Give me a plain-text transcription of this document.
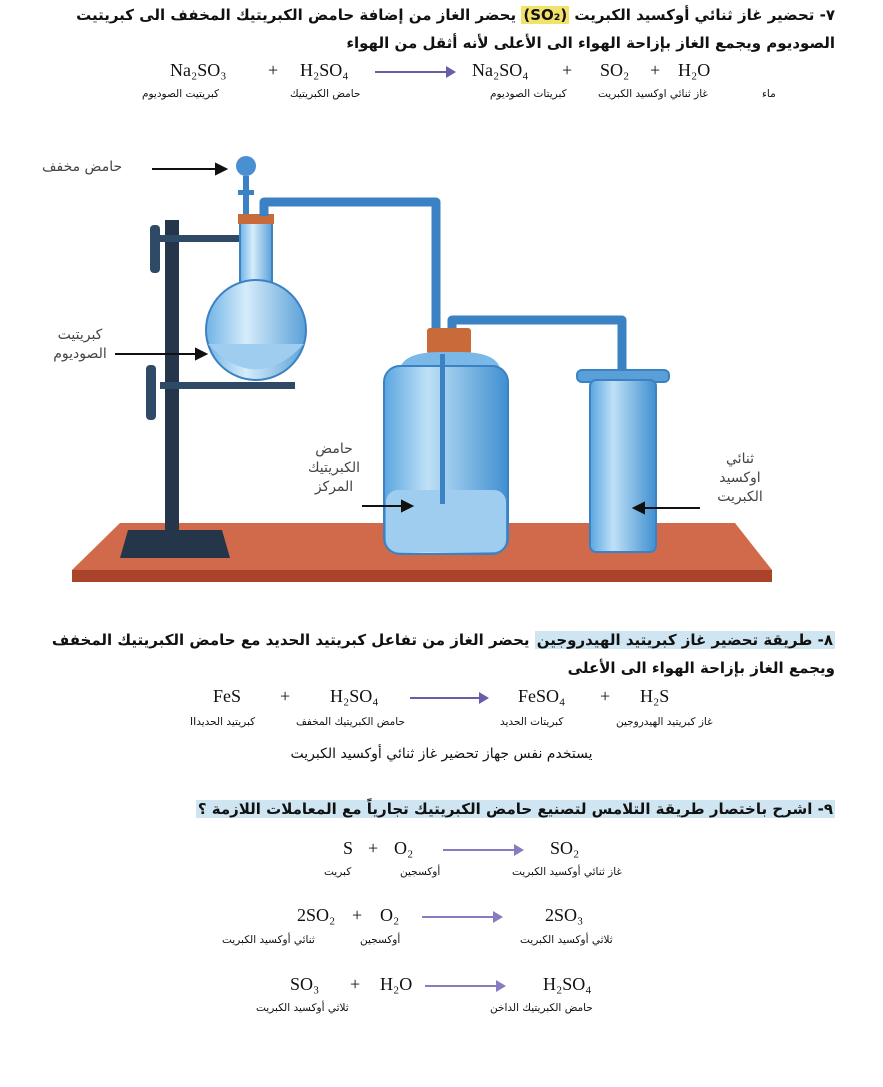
٧- تحضير غاز ثنائي أوكسيد الكبريت (SO₂) يحضر الغاز من إضافة حامض الكبريتيك المخفف الى كبريتيت
الصوديوم ويجمع الغاز بإزاحة الهواء الى الأعلى لأنه أثقل من الهواء
Na₂SO₃ + H₂SO₄	Na₂SO₄ + SO₂ + H₂O
كبريتيت الصوديوم	حامض الكبريتيك	كبريتات الصوديوم	غاز ثنائي اوكسيد الكبريت	ماء
حامض مخفف
كبريتيت
الصوديوم
حامض
الكبريتيك
المركز
ثنائي
اوكسيد
الكبريت
٨- طريقة تحضير غاز كبريتيد الهيدروجين يحضر الغاز من تفاعل كبريتيد الحديد مع حامض الكبريتيك المخفف
ويجمع الغاز بإزاحة الهواء الى الأعلى
FeS + H₂SO₄	FeSO₄ + H₂S
كبريتيد الحديدII	حامض الكبريتيك المخفف	كبريتات الحديد	غاز كبريتيد الهيدروجين
يستخدم نفس جهاز تحضير غاز ثنائي أوكسيد الكبريت
٩- اشرح باختصار طريقة التلامس لتصنيع حامض الكبريتيك تجارياً مع المعاملات اللازمة ؟
S + O₂	SO₂
كبريت	أوكسجين	غاز ثنائي أوكسيد الكبريت
2SO₂ + O₂	2SO₃
ثنائي أوكسيد الكبريت	أوكسجين	ثلاثي أوكسيد الكبريت
SO₃ + H₂O	H₂SO₄
ثلاثي أوكسيد الكبريت	حامض الكبريتيك الداخن
